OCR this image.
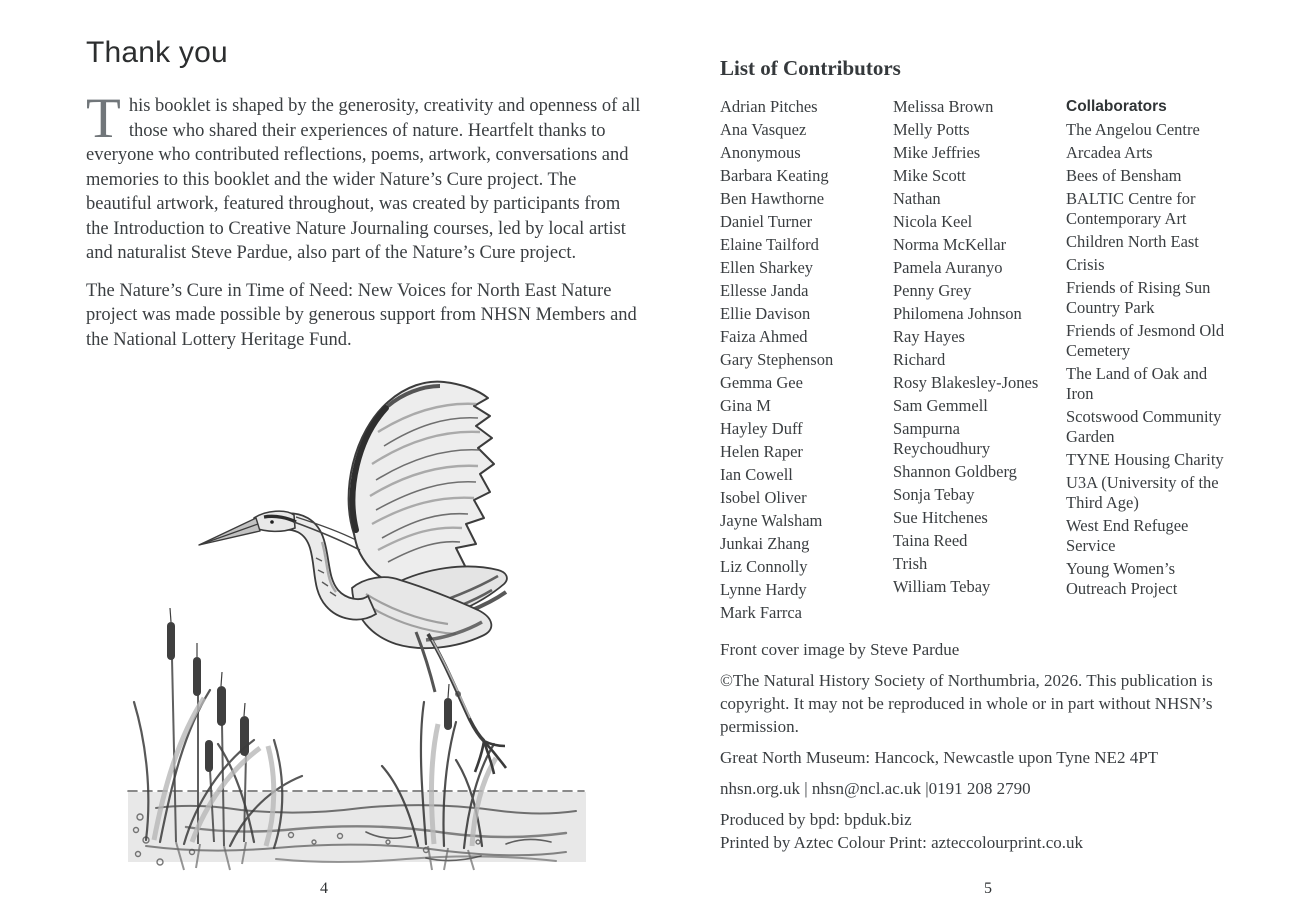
Thank you

This booklet is shaped by the generosity, creativity and openness of all those who shared their experiences of nature. Heartfelt thanks to everyone who contributed reflections, poems, artwork, conversations and memories to this booklet and the wider Nature’s Cure project. The beautiful artwork, featured throughout, was created by participants from the Introduction to Creative Nature Journaling courses, led by local artist and naturalist Steve Pardue, also part of the Nature’s Cure project.

The Nature’s Cure in Time of Need: New Voices for North East Nature project was made possible by generous support from NHSN Members and the National Lottery Heritage Fund.

4
List of Contributors
Adrian Pitches
Ana Vasquez
Anonymous
Barbara Keating
Ben Hawthorne
Daniel Turner
Elaine Tailford
Ellen Sharkey
Ellesse Janda
Ellie Davison
Faiza Ahmed
Gary Stephenson
Gemma Gee
Gina M
Hayley Duff
Helen Raper
Ian Cowell
Isobel Oliver
Jayne Walsham
Junkai Zhang
Liz Connolly
Lynne Hardy
Mark Farrca
Melissa Brown
Melly Potts
Mike Jeffries
Mike Scott
Nathan
Nicola Keel
Norma McKellar
Pamela Auranyo
Penny Grey
Philomena Johnson
Ray Hayes
Richard
Rosy Blakesley-Jones
Sam Gemmell
Sampurna Reychoudhury
Shannon Goldberg
Sonja Tebay
Sue Hitchenes
Taina Reed
Trish
William Tebay
Collaborators
The Angelou Centre
Arcadea Arts
Bees of Bensham
BALTIC Centre for Contemporary Art
Children North East
Crisis
Friends of Rising Sun Country Park
Friends of Jesmond Old Cemetery
The Land of Oak and Iron
Scotswood Community Garden
TYNE Housing Charity
U3A (University of the Third Age)
West End Refugee Service
Young Women’s Outreach Project

Front cover image by Steve Pardue

©The Natural History Society of Northumbria, 2026. This publication is copyright. It may not be reproduced in whole or in part without NHSN’s permission.

Great North Museum: Hancock, Newcastle upon Tyne NE2 4PT

nhsn.org.uk | nhsn@ncl.ac.uk |0191 208 2790

Produced by bpd: bpduk.biz

Printed by Aztec Colour Print: azteccolourprint.co.uk

5
